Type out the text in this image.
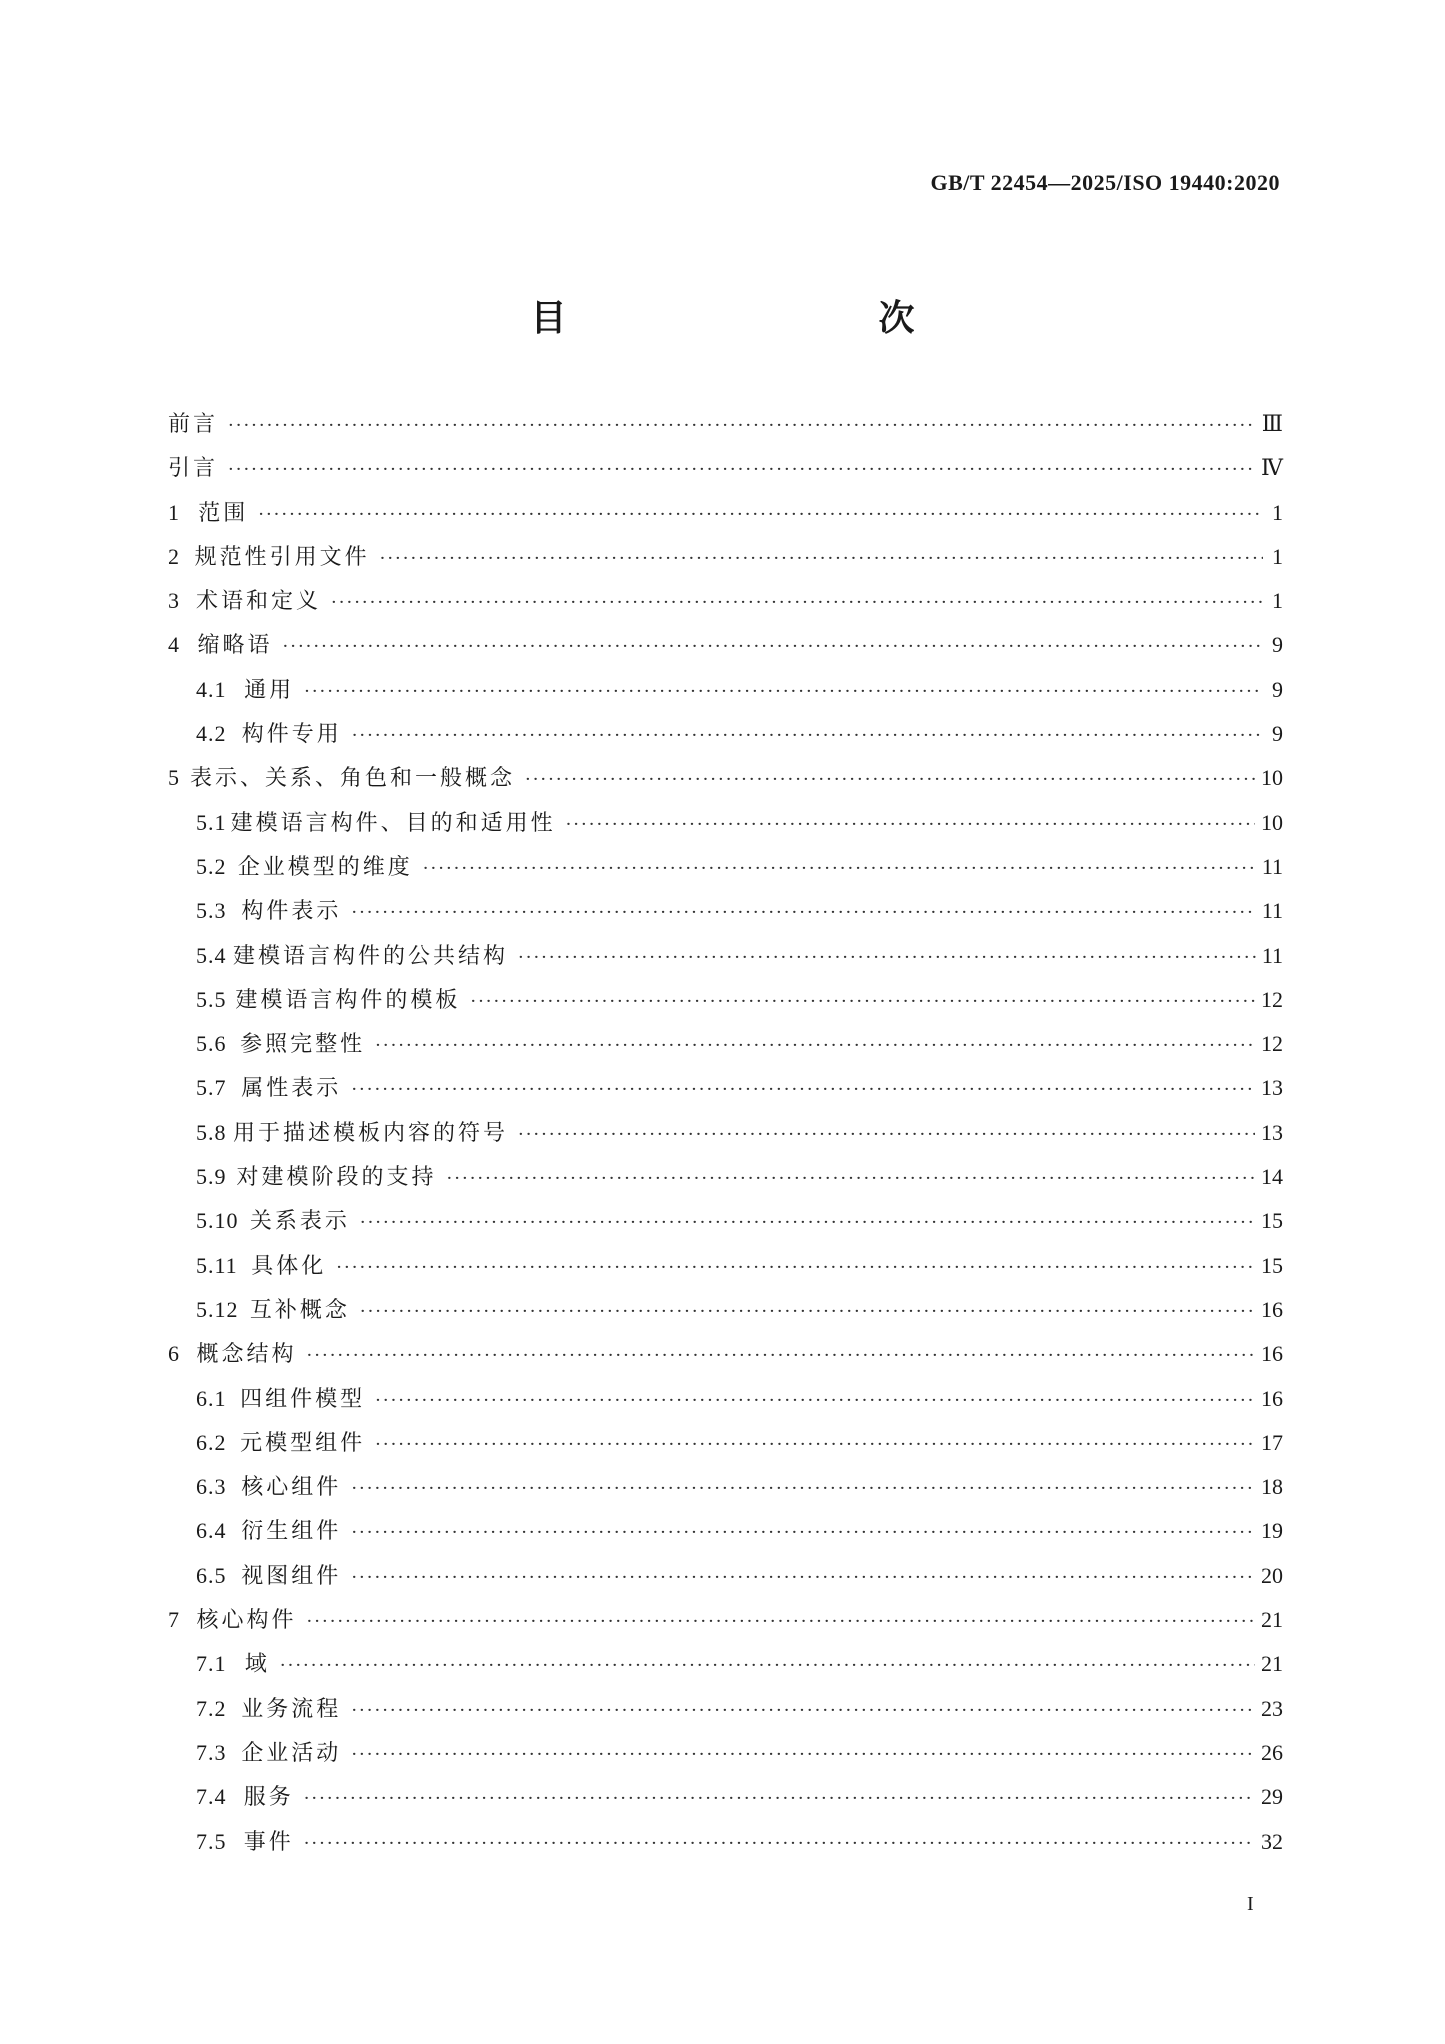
GB/T 22454—2025/ISO 19440:2020
目　　次
前言 ·····	Ⅲ
引言 ·····	Ⅳ
1 范围 ·····	1
2 规范性引用文件 ·····	1
3 术语和定义 ·····	1
4 缩略语 ·····	9
4.1 通用 ·····	9
4.2 构件专用 ·····	9
5 表示、关系、角色和一般概念 ·····	10
5.1 建模语言构件、目的和适用性 ·····	10
5.2 企业模型的维度 ·····	11
5.3 构件表示 ·····	11
5.4 建模语言构件的公共结构 ·····	11
5.5 建模语言构件的模板 ·····	12
5.6 参照完整性 ·····	12
5.7 属性表示 ·····	13
5.8 用于描述模板内容的符号 ·····	13
5.9 对建模阶段的支持 ·····	14
5.10 关系表示 ·····	15
5.11 具体化 ·····	15
5.12 互补概念 ·····	16
6 概念结构 ·····	16
6.1 四组件模型 ·····	16
6.2 元模型组件 ·····	17
6.3 核心组件 ·····	18
6.4 衍生组件 ·····	19
6.5 视图组件 ·····	20
7 核心构件 ·····	21
7.1 域 ·····	21
7.2 业务流程 ·····	23
7.3 企业活动 ·····	26
7.4 服务 ·····	29
7.5 事件 ·····	32
I
